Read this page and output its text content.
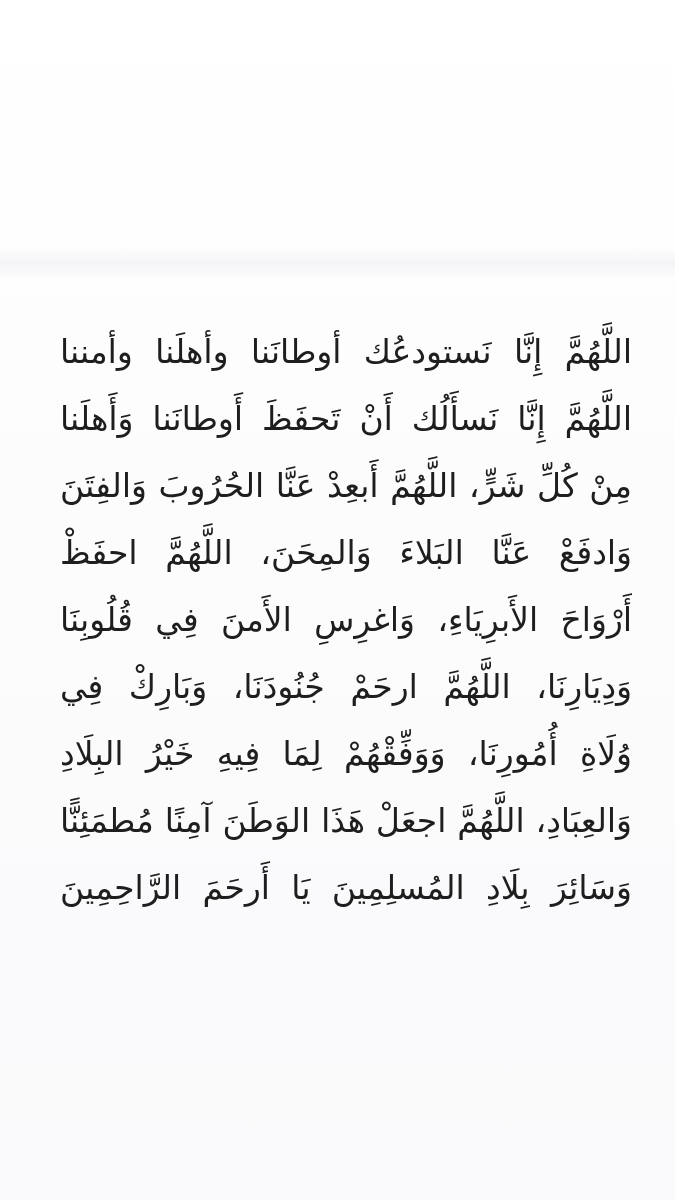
اللَّهُمَّ إِنَّا نَستودعُك أوطانَنا وأهلَنا وأمننا
اللَّهُمَّ إِنَّا نَسأَلُك أَنْ تَحفَظَ أَوطانَنا وَأَهلَنا
مِنْ كُلِّ شَرٍّ، اللَّهُمَّ أَبعِدْ عَنَّا الحُرُوبَ وَالفِتَنَ
وَادفَعْ عَنَّا البَلاءَ وَالمِحَنَ، اللَّهُمَّ احفَظْ
أَرْوَاحَ الأَبرِيَاءِ، وَاغرِسِ الأَمنَ فِي قُلُوبِنَا
وَدِيَارِنَا، اللَّهُمَّ ارحَمْ جُنُودَنَا، وَبَارِكْ فِي
وُلَاةِ أُمُورِنَا، وَوَفِّقْهُمْ لِمَا فِيهِ خَيْرُ البِلَادِ
وَالعِبَادِ، اللَّهُمَّ اجعَلْ هَذَا الوَطَنَ آمِنًا مُطمَئِنًّا
وَسَائِرَ بِلَادِ المُسلِمِينَ يَا أَرحَمَ الرَّاحِمِينَ
